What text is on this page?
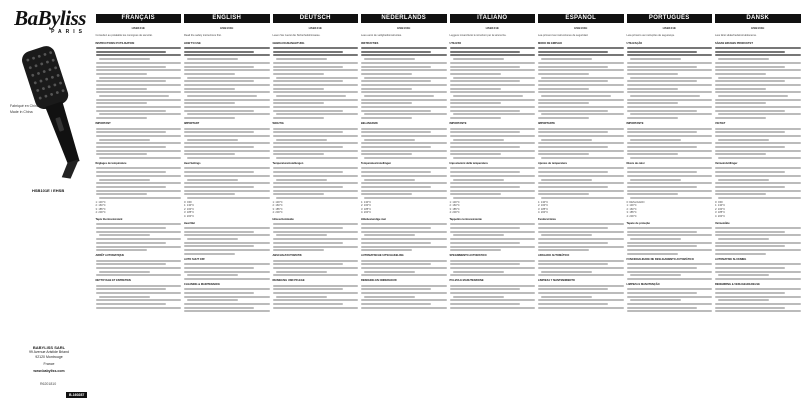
BaByliss
PARIS
Fabriqué en Chine
Made in China
HSB101E / EHSB
BABYLISS SARL
99 Avenue Aristide Briand
92120 Montrouge
France
www.babyliss.com
R6201810
B-160287
FRANÇAIS
HSB101E
Consultez au préalable les consignes de sécurité.
INSTRUCTIONS D'UTILISATION
IMPORTANT
Réglages de température
1: 130°C
2: 160°C
3: 185°C
4: 200°C
Tapis thermorésistant
ARRÊT AUTOMATIQUE
NETTOYAGE ET ENTRETIEN
ENGLISH
HSB101E
Read the safety instructions first.
HOW TO USE
IMPORTANT
Heat Settings
0: OFF
1: 130°C
2: 160°C
3: 185°C
4: 200°C
Heat Mat
AUTO SHUT OFF
CLEANING & MAINTENANCE
DEUTSCH
HSB101E
Lesen Sie zuerst die Sicherheitshinweise.
GEBRAUCHSANLEITUNG
WICHTIG
Temperatureinstellungen
1: 130°C
2: 160°C
3: 185°C
4: 200°C
Hitzeschutzmatte
ABSCHALTAUTOMATIK
REINIGUNG UND PFLEGE
NEDERLANDS
HSB101E
Lees eerst de veiligheidsinstructies.
INSTRUCTIES
BELANGRIJK
Temperatuurinstellingen
1: 130°C
2: 160°C
3: 185°C
4: 200°C
Hittebestendige mat
AUTOMATISCHE UITSCHAKELING
REINIGING EN ONDERHOUD
ITALIANO
HSB101E
Leggere innanzitutto le istruzioni per la sicurezza.
UTILIZZO
IMPORTANTE
Impostazioni della temperatura
1: 130°C
2: 160°C
3: 185°C
4: 200°C
Tappetino termoresistente
SPEGNIMENTO AUTOMATICO
PULIZIA E MANUTENZIONE
ESPAÑOL
HSB101E
Lea primero las instrucciones de seguridad.
MODO DE EMPLEO
IMPORTANTE
Ajustes de temperatura
1: 130°C
2: 160°C
3: 185°C
4: 200°C
Funda térmica
APAGADO AUTOMÁTICO
LIMPIEZA Y MANTENIMIENTO
PORTUGUÊS
HSB101E
Leia primeiro as instruções de segurança.
UTILIZAÇÃO
IMPORTANTE
Níveis de calor
0: DESLIGADO
1: 130°C
2: 160°C
3: 185°C
4: 200°C
Tapete de proteção
FUNCIONALIDADE DE DESLIGAMENTO AUTOMÁTICO
LIMPEZA E MANUTENÇÃO
DANSK
HSB101E
Læs først sikkerhedsinstruktionerne.
SÅDAN BRUGES PRODUKTET
VIGTIGT
Varmeindstillinger
0: OFF
1: 130°C
2: 160°C
3: 185°C
4: 200°C
Varmemåtte
AUTOMATISK SLUKNING
RENGØRING & VEDLIGEHOLDELSE
